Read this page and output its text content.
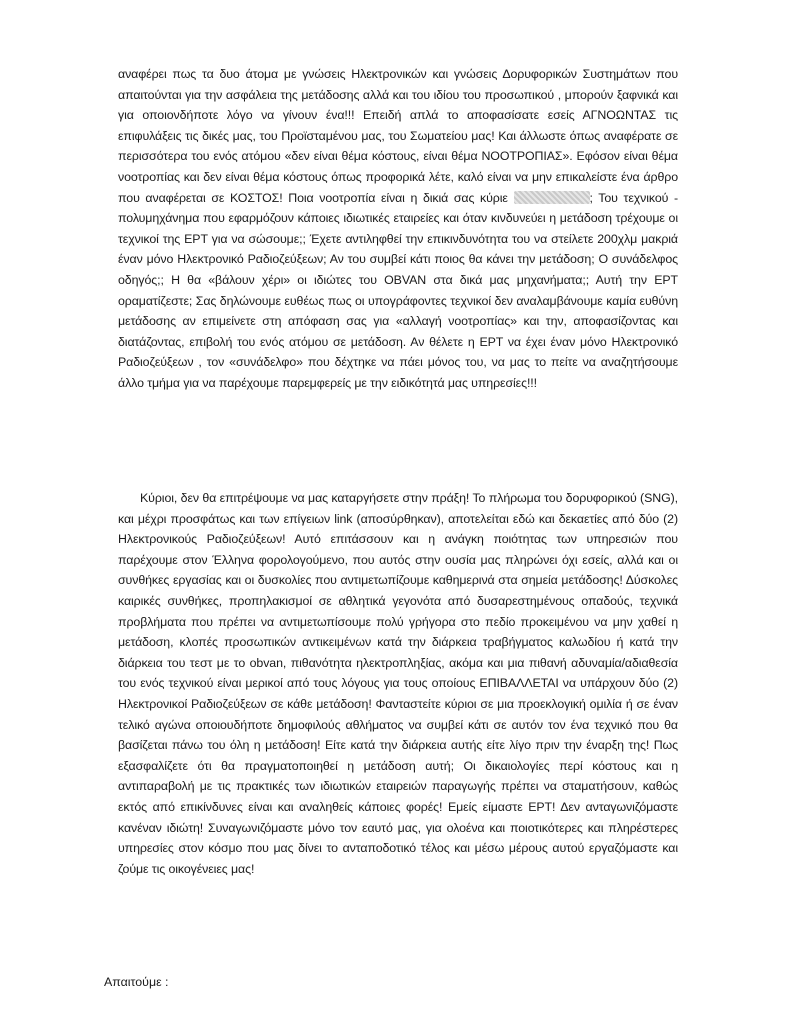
αναφέρει πως τα δυο άτομα με γνώσεις Ηλεκτρονικών και γνώσεις Δορυφορικών Συστημάτων που απαιτούνται για την ασφάλεια της μετάδοσης αλλά και του ιδίου του προσωπικού , μπορούν ξαφνικά και για οποιονδήποτε λόγο να γίνουν ένα!!! Επειδή απλά το αποφασίσατε εσείς ΑΓΝΟΩΝΤΑΣ τις επιφυλάξεις τις δικές μας, του Προϊσταμένου μας, του Σωματείου μας! Και άλλωστε όπως αναφέρατε σε περισσότερα του ενός ατόμου «δεν είναι θέμα κόστους, είναι θέμα ΝΟΟΤΡΟΠΙΑΣ». Εφόσον είναι θέμα νοοτροπίας και δεν είναι θέμα κόστους όπως προφορικά λέτε, καλό είναι να μην επικαλείστε ένα άρθρο που αναφέρεται σε ΚΟΣΤΟΣ! Ποια νοοτροπία είναι η δικιά σας κύριε	; Του τεχνικού - πολυμηχάνημα που εφαρμόζουν κάποιες ιδιωτικές εταιρείες και όταν κινδυνεύει η μετάδοση τρέχουμε οι τεχνικοί της ΕΡΤ για να σώσουμε;; Έχετε αντιληφθεί την επικινδυνότητα του να στείλετε 200χλμ μακριά έναν μόνο Ηλεκτρονικό Ραδιοζεύξεων; Αν του συμβεί κάτι ποιος θα κάνει την μετάδοση; Ο συνάδελφος οδηγός;; Η θα «βάλουν χέρι» οι ιδιώτες του OBVAN στα δικά μας μηχανήματα;; Αυτή την ΕΡΤ οραματίζεστε; Σας δηλώνουμε ευθέως πως οι υπογράφοντες τεχνικοί δεν αναλαμβάνουμε καμία ευθύνη μετάδοσης αν επιμείνετε στη απόφαση σας για «αλλαγή νοοτροπίας» και την, αποφασίζοντας και διατάζοντας, επιβολή του ενός ατόμου σε μετάδοση. Αν θέλετε η ΕΡΤ να έχει έναν μόνο Ηλεκτρονικό Ραδιοζεύξεων , τον «συνάδελφο» που δέχτηκε να πάει μόνος του, να μας το πείτε να αναζητήσουμε άλλο τμήμα για να παρέχουμε παρεμφερείς με την ειδικότητά μας υπηρεσίες!!!
Κύριοι, δεν θα επιτρέψουμε να μας καταργήσετε στην πράξη! Το πλήρωμα του δορυφορικού (SNG), και μέχρι προσφάτως και των επίγειων link (αποσύρθηκαν), αποτελείται εδώ και δεκαετίες από δύο (2) Ηλεκτρονικούς Ραδιοζεύξεων! Αυτό επιτάσσουν και η ανάγκη ποιότητας των υπηρεσιών που παρέχουμε στον Έλληνα φορολογούμενο, που αυτός στην ουσία μας πληρώνει όχι εσείς, αλλά και οι συνθήκες εργασίας και οι δυσκολίες που αντιμετωπίζουμε καθημερινά στα σημεία μετάδοσης! Δύσκολες καιρικές συνθήκες, προπηλακισμοί σε αθλητικά γεγονότα από δυσαρεστημένους οπαδούς, τεχνικά προβλήματα που πρέπει να αντιμετωπίσουμε πολύ γρήγορα στο πεδίο προκειμένου να μην χαθεί η μετάδοση, κλοπές προσωπικών αντικειμένων κατά την διάρκεια τραβήγματος καλωδίου ή κατά την διάρκεια του τεστ με το obvan, πιθανότητα ηλεκτροπληξίας, ακόμα και μια πιθανή αδυναμία/αδιαθεσία του ενός τεχνικού είναι μερικοί από τους λόγους για τους οποίους ΕΠΙΒΑΛΛΕΤΑΙ να υπάρχουν δύο (2) Ηλεκτρονικοί Ραδιοζεύξεων σε κάθε μετάδοση! Φανταστείτε κύριοι σε μια προεκλογική ομιλία ή σε έναν τελικό αγώνα οποιουδήποτε δημοφιλούς αθλήματος να συμβεί κάτι σε αυτόν τον ένα τεχνικό που θα βασίζεται πάνω του όλη η μετάδοση! Είτε κατά την διάρκεια αυτής είτε λίγο πριν την έναρξη της! Πως εξασφαλίζετε ότι θα πραγματοποιηθεί η μετάδοση αυτή; Οι δικαιολογίες περί κόστους και η αντιπαραβολή με τις πρακτικές των ιδιωτικών εταιρειών παραγωγής πρέπει να σταματήσουν, καθώς εκτός από επικίνδυνες είναι και αναληθείς κάποιες φορές! Εμείς είμαστε ΕΡΤ! Δεν ανταγωνιζόμαστε κανέναν ιδιώτη! Συναγωνιζόμαστε μόνο τον εαυτό μας, για ολοένα και ποιοτικότερες και πληρέστερες υπηρεσίες στον κόσμο που μας δίνει το ανταποδοτικό τέλος και μέσω μέρους αυτού εργαζόμαστε και ζούμε τις οικογένειες μας!
Απαιτούμε :
